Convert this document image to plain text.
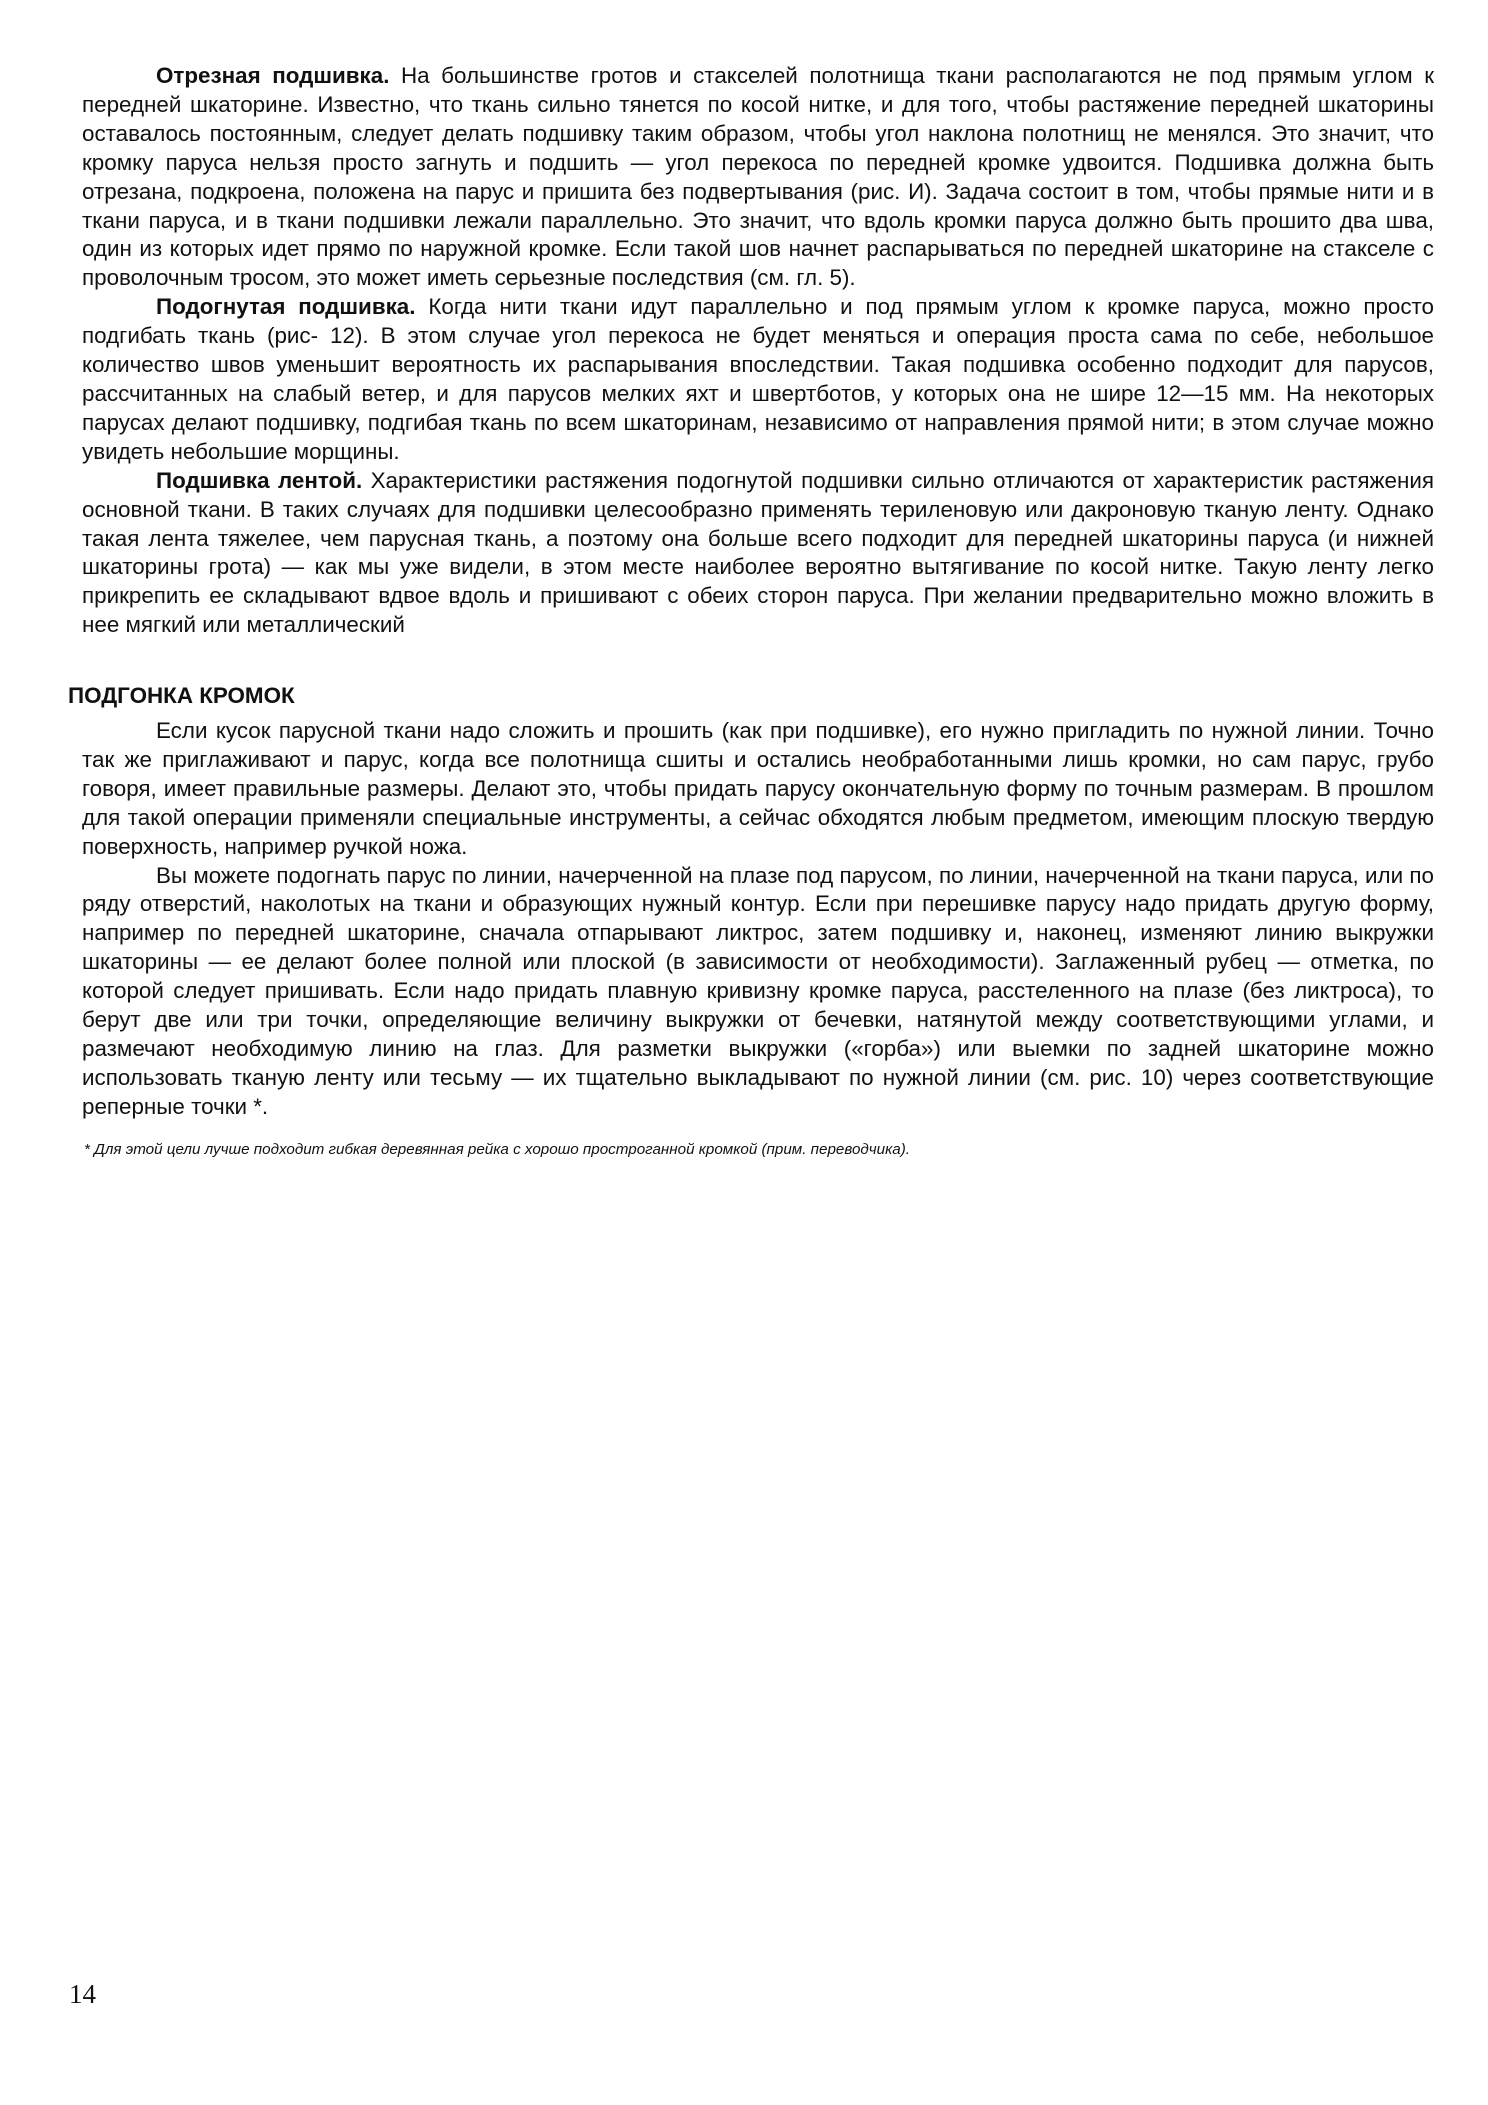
Отрезная подшивка. На большинстве гротов и стакселей полотнища ткани располагаются не под прямым углом к передней шкаторине. Известно, что ткань сильно тянется по косой нитке, и для того, чтобы растяжение передней шкаторины оставалось постоянным, следует делать подшивку таким образом, чтобы угол наклона полотнищ не менялся. Это значит, что кромку паруса нельзя просто загнуть и подшить — угол перекоса по передней кромке удвоится. Подшивка должна быть отрезана, подкроена, положена на парус и пришита без подвертывания (рис. И). Задача состоит в том, чтобы прямые нити и в ткани паруса, и в ткани подшивки лежали параллельно. Это значит, что вдоль кромки паруса должно быть прошито два шва, один из которых идет прямо по наружной кромке. Если такой шов начнет распарываться по передней шкаторине на стакселе с проволочным тросом, это может иметь серьезные последствия (см. гл. 5).

Подогнутая подшивка. Когда нити ткани идут параллельно и под прямым углом к кромке паруса, можно просто подгибать ткань (рис- 12). В этом случае угол перекоса не будет меняться и операция проста сама по себе, небольшое количество швов уменьшит вероятность их распарывания впоследствии. Такая подшивка особенно подходит для парусов, рассчитанных на слабый ветер, и для парусов мелких яхт и швертботов, у которых она не шире 12—15 мм. На некоторых парусах делают подшивку, подгибая ткань по всем шкаторинам, независимо от направления прямой нити; в этом случае можно увидеть небольшие морщины.

Подшивка лентой. Характеристики растяжения подогнутой подшивки сильно отличаются от характеристик растяжения основной ткани. В таких случаях для подшивки целесообразно применять териленовую или дакроновую тканую ленту. Однако такая лента тяжелее, чем парусная ткань, а поэтому она больше всего подходит для передней шкаторины паруса (и нижней шкаторины грота) — как мы уже видели, в этом месте наиболее вероятно вытягивание по косой нитке. Такую ленту легко прикрепить ее складывают вдвое вдоль и пришивают с обеих сторон паруса. При желании предварительно можно вложить в нее мягкий или металлический

ПОДГОНКА КРОМОК

Если кусок парусной ткани надо сложить и прошить (как при подшивке), его нужно пригладить по нужной линии. Точно так же приглаживают и парус, когда все полотнища сшиты и остались необработанными лишь кромки, но сам парус, грубо говоря, имеет правильные размеры. Делают это, чтобы придать парусу окончательную форму по точным размерам. В прошлом для такой операции применяли специальные инструменты, а сейчас обходятся любым предметом, имеющим плоскую твердую поверхность, например ручкой ножа.

Вы можете подогнать парус по линии, начерченной на плазе под парусом, по линии, начерченной на ткани паруса, или по ряду отверстий, наколотых на ткани и образующих нужный контур. Если при перешивке парусу надо придать другую форму, например по передней шкаторине, сначала отпарывают ликтрос, затем подшивку и, наконец, изменяют линию выкружки шкаторины — ее делают более полной или плоской (в зависимости от необходимости). Заглаженный рубец — отметка, по которой следует пришивать. Если надо придать плавную кривизну кромке паруса, расстеленного на плазе (без ликтроса), то берут две или три точки, определяющие величину выкружки от бечевки, натянутой между соответствующими углами, и размечают необходимую линию на глаз. Для разметки выкружки («горба») или выемки по задней шкаторине можно использовать тканую ленту или тесьму — их тщательно выкладывают по нужной линии (см. рис. 10) через соответствующие реперные точки *.

* Для этой цели лучше подходит гибкая деревянная рейка с хорошо простроганной кромкой (прим. переводчика).
14
